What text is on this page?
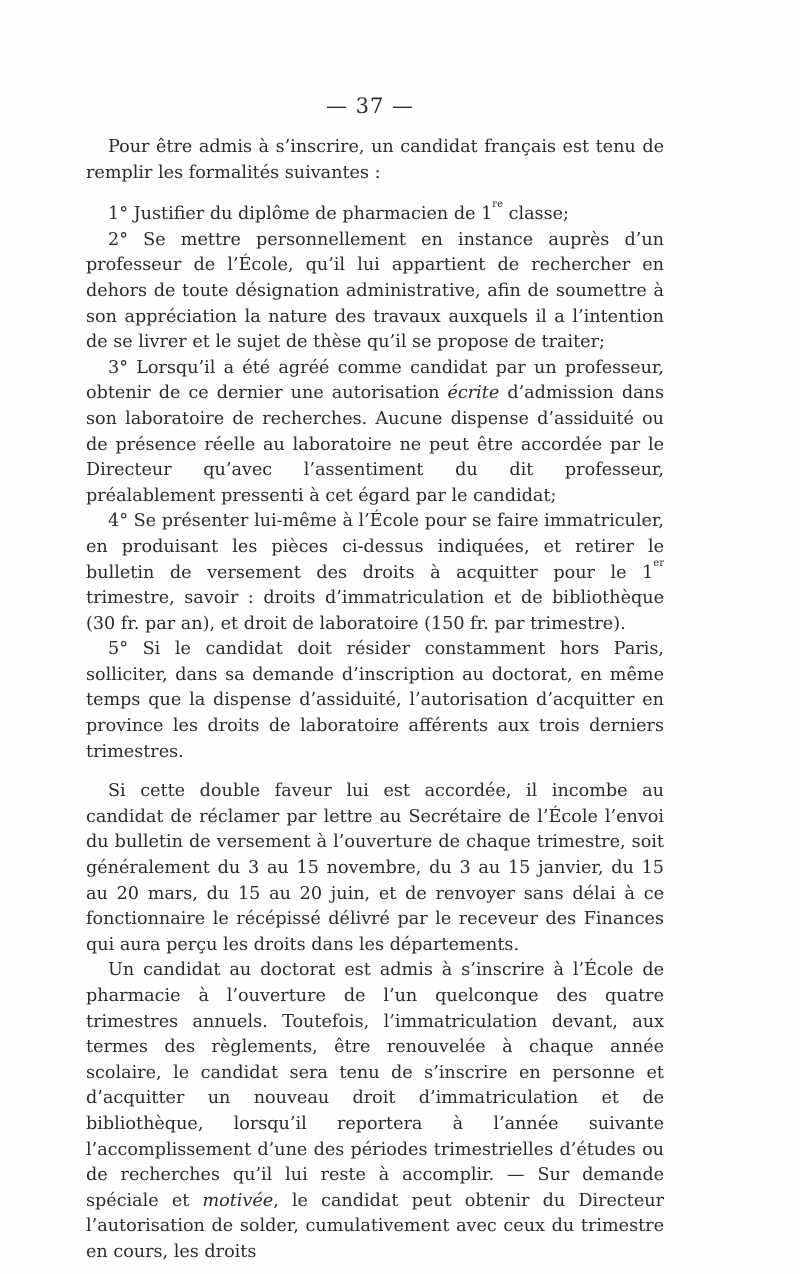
— 37 —

Pour être admis à s’inscrire, un candidat français est tenu de remplir les formalités suivantes :

1° Justifier du diplôme de pharmacien de 1re classe;

2° Se mettre personnellement en instance auprès d’un professeur de l’École, qu’il lui appartient de rechercher en dehors de toute désignation administrative, afin de soumettre à son appréciation la nature des travaux auxquels il a l’intention de se livrer et le sujet de thèse qu’il se propose de traiter;

3° Lorsqu’il a été agréé comme candidat par un professeur, obtenir de ce dernier une autorisation écrite d’admission dans son laboratoire de recherches. Aucune dispense d’assiduité ou de présence réelle au laboratoire ne peut être accordée par le Directeur qu’avec l’assentiment du dit professeur, préalablement pressenti à cet égard par le candidat;

4° Se présenter lui-même à l’École pour se faire immatriculer, en produisant les pièces ci-dessus indiquées, et retirer le bulletin de versement des droits à acquitter pour le 1er trimestre, savoir : droits d’immatriculation et de bibliothèque (30 fr. par an), et droit de laboratoire (150 fr. par trimestre).

5° Si le candidat doit résider constamment hors Paris, solliciter, dans sa demande d’inscription au doctorat, en même temps que la dispense d’assiduité, l’autorisation d’acquitter en province les droits de laboratoire afférents aux trois derniers trimestres.

Si cette double faveur lui est accordée, il incombe au candidat de réclamer par lettre au Secrétaire de l’École l’envoi du bulletin de versement à l’ouverture de chaque trimestre, soit généralement du 3 au 15 novembre, du 3 au 15 janvier, du 15 au 20 mars, du 15 au 20 juin, et de renvoyer sans délai à ce fonctionnaire le récépissé délivré par le receveur des Finances qui aura perçu les droits dans les départements.

Un candidat au doctorat est admis à s’inscrire à l’École de pharmacie à l’ouverture de l’un quelconque des quatre trimestres annuels. Toutefois, l’immatriculation devant, aux termes des règlements, être renouvelée à chaque année scolaire, le candidat sera tenu de s’inscrire en personne et d’acquitter un nouveau droit d’immatriculation et de bibliothèque, lorsqu’il reportera à l’année suivante l’accomplissement d’une des périodes trimestrielles d’études ou de recherches qu’il lui reste à accomplir. — Sur demande spéciale et motivée, le candidat peut obtenir du Directeur l’autorisation de solder, cumulativement avec ceux du trimestre en cours, les droits
